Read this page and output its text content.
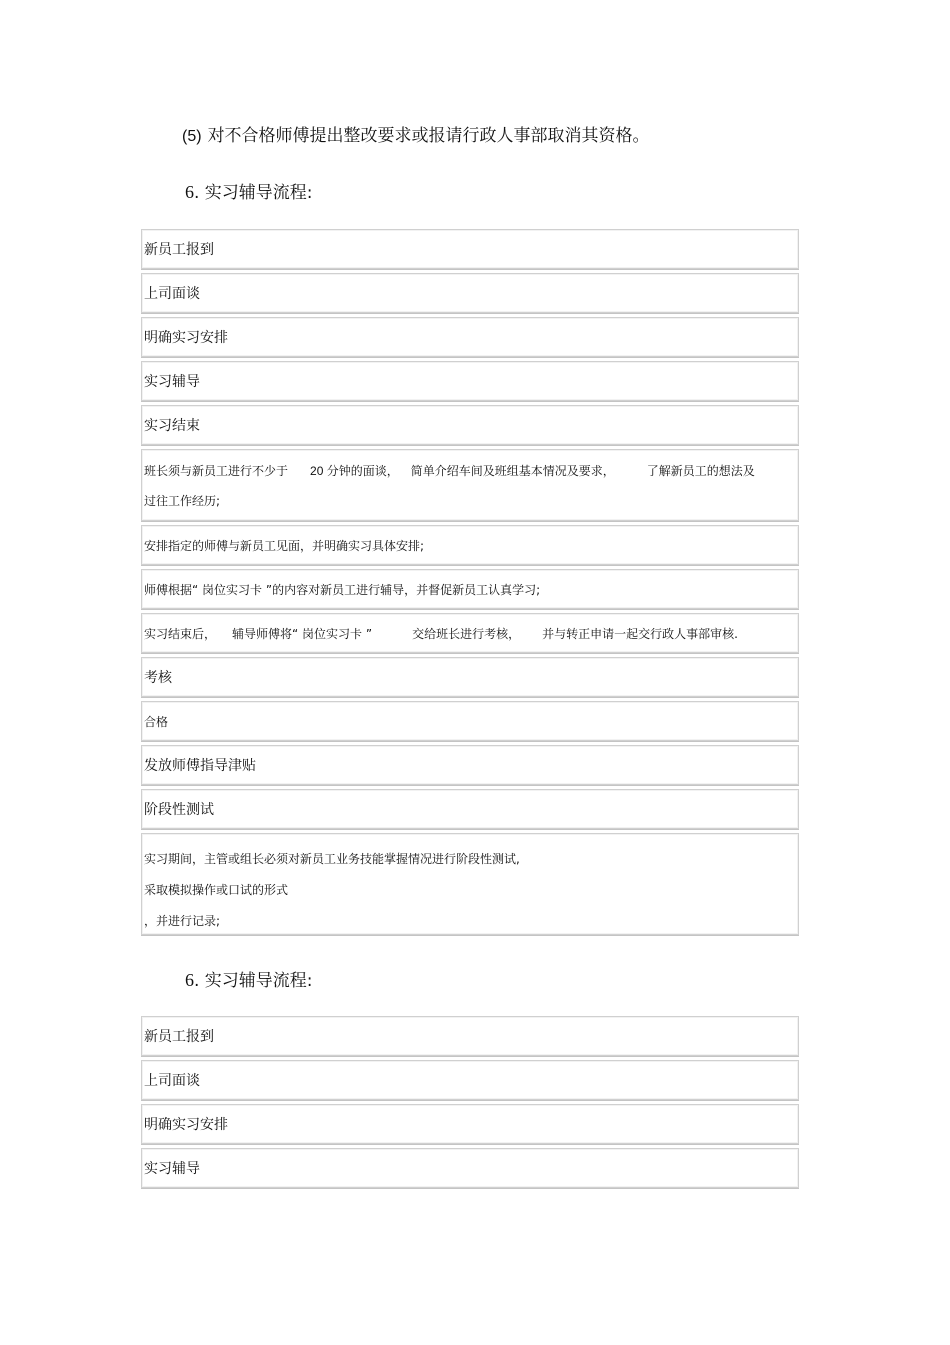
(5) 对不合格师傅提出整改要求或报请行政人事部取消其资格。

6. 实习辅导流程:

新员工报到
上司面谈
明确实习安排
实习辅导
实习结束
班长须与新员工进行不少于 20 分钟的面谈， 简单介绍车间及班组基本情况及要求，	了解新员工的想法及
过往工作经历;
安排指定的师傅与新员工见面，并明确实习具体安排;
师傅根据“ 岗位实习卡 ”的内容对新员工进行辅导，并督促新员工认真学习;
实习结束后， 辅导师傅将“ 岗位实习卡 ”	交给班长进行考核， 并与转正申请一起交行政人事部审核.
考核
合格
发放师傅指导津贴
阶段性测试
实习期间，主管或组长必须对新员工业务技能掌握情况进行阶段性测试,
采取模拟操作或口试的形式
，并进行记录;

6. 实习辅导流程:

新员工报到
上司面谈
明确实习安排
实习辅导
